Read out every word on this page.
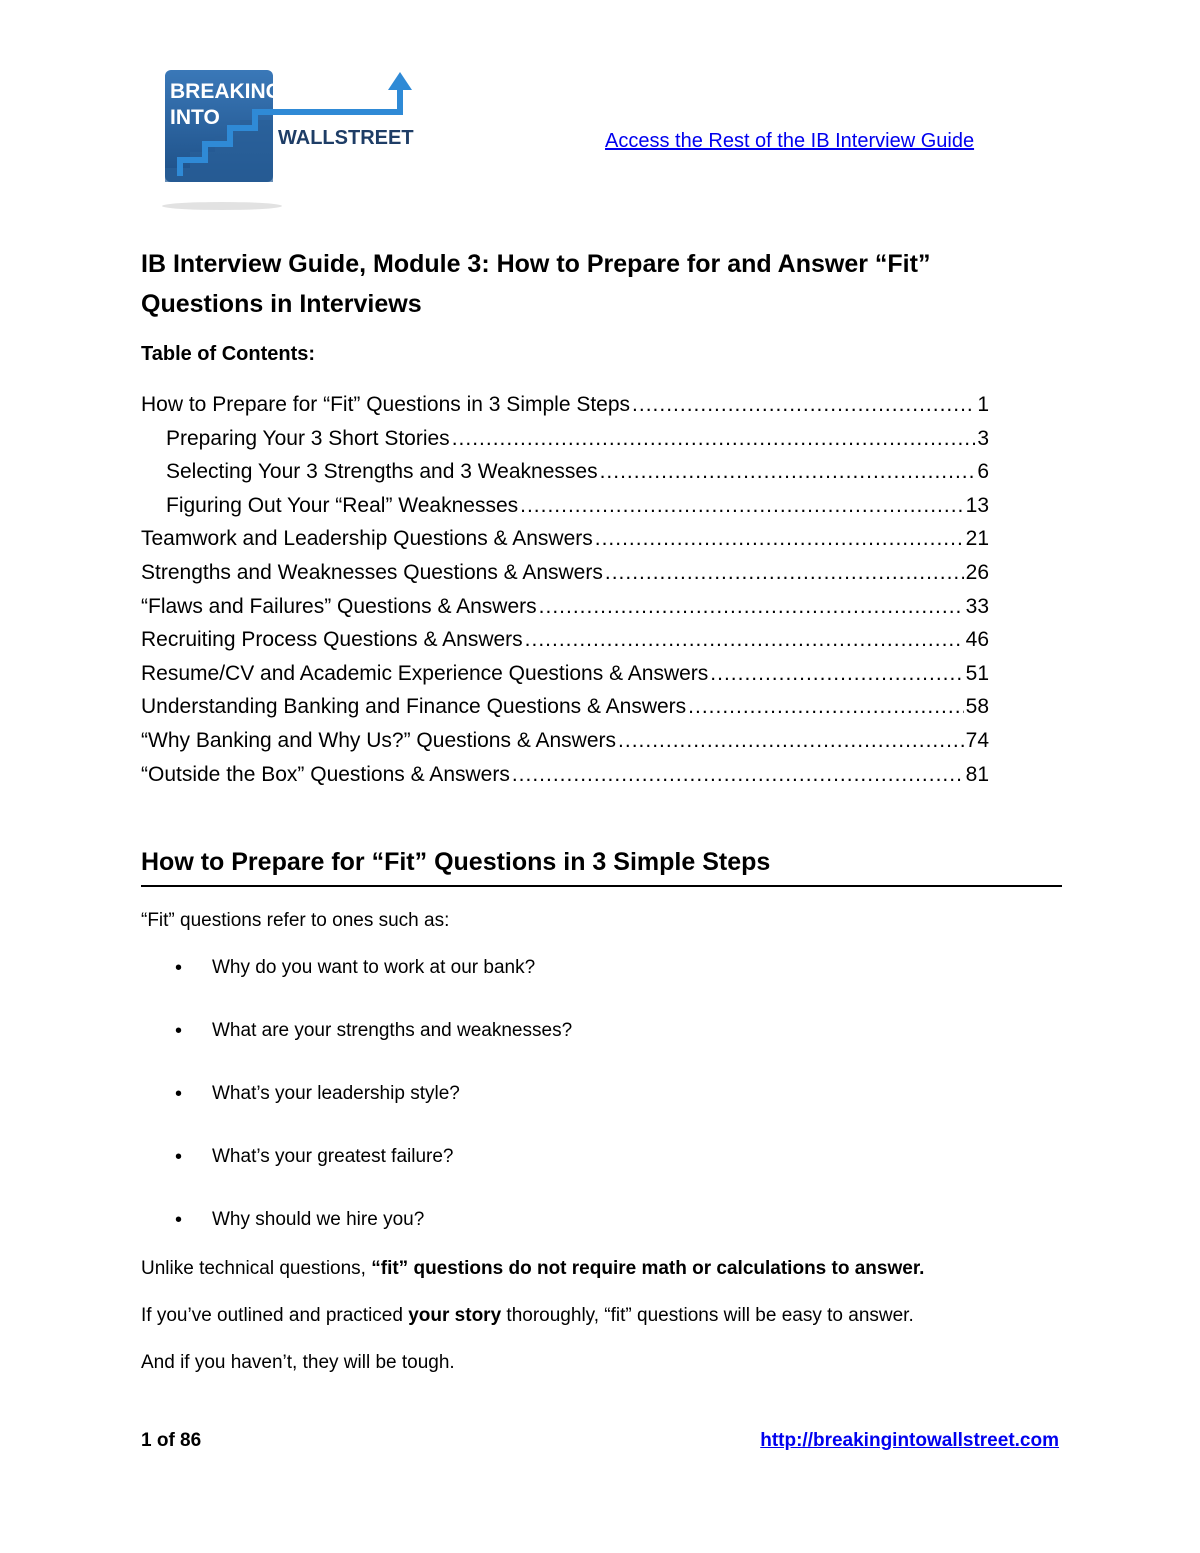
BREAKING
INTO
WALLSTREET	Access the Rest of the IB Interview Guide
IB Interview Guide, Module 3: How to Prepare for and Answer “Fit” Questions in Interviews
Table of Contents:
How to Prepare for “Fit” Questions in 3 Simple Steps .....	1
Preparing Your 3 Short Stories .....	3
Selecting Your 3 Strengths and 3 Weaknesses .....	6
Figuring Out Your “Real” Weaknesses .....	13
Teamwork and Leadership Questions & Answers .....	21
Strengths and Weaknesses Questions & Answers .....	26
“Flaws and Failures” Questions & Answers .....	33
Recruiting Process Questions & Answers .....	46
Resume/CV and Academic Experience Questions & Answers .....	51
Understanding Banking and Finance Questions & Answers .....	58
“Why Banking and Why Us?” Questions & Answers .....	74
“Outside the Box” Questions & Answers .....	81
How to Prepare for “Fit” Questions in 3 Simple Steps
“Fit” questions refer to ones such as:
•
Why do you want to work at our bank?
•
What are your strengths and weaknesses?
•
What’s your leadership style?
•
What’s your greatest failure?
•
Why should we hire you?
Unlike technical questions, “fit” questions do not require math or calculations to answer.
If you’ve outlined and practiced your story thoroughly, “fit” questions will be easy to answer.
And if you haven’t, they will be tough.
1 of 86	http://breakingintowallstreet.com
